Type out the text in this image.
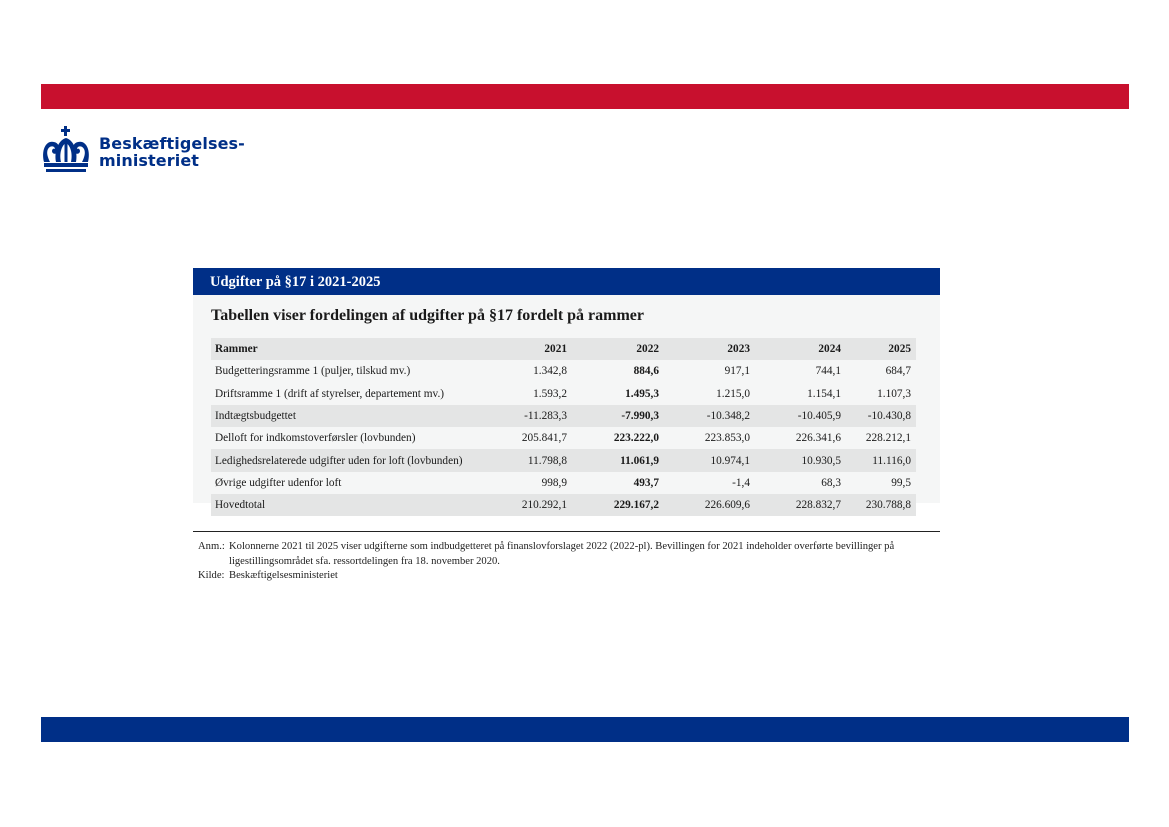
Beskæftigelses-
ministeriet
Udgifter på §17 i 2021-2025
Tabellen viser fordelingen af udgifter på §17 fordelt på rammer
Rammer	2021	2022	2023	2024	2025
Budgetteringsramme 1 (puljer, tilskud mv.)	1.342,8	884,6	917,1	744,1	684,7
Driftsramme 1 (drift af styrelser, departement mv.)	1.593,2	1.495,3	1.215,0	1.154,1	1.107,3
Indtægtsbudgettet	-11.283,3	-7.990,3	-10.348,2	-10.405,9	-10.430,8
Delloft for indkomstoverførsler (lovbunden)	205.841,7	223.222,0	223.853,0	226.341,6	228.212,1
Ledighedsrelaterede udgifter uden for loft (lovbunden)	11.798,8	11.061,9	10.974,1	10.930,5	11.116,0
Øvrige udgifter udenfor loft	998,9	493,7	-1,4	68,3	99,5
Hovedtotal	210.292,1	229.167,2	226.609,6	228.832,7	230.788,8
Anm.: Kolonnerne 2021 til 2025 viser udgifterne som indbudgetteret på finanslovforslaget 2022 (2022-pl). Bevillingen for 2021 indeholder overførte bevillinger på ligestillingsområdet sfa. ressortdelingen fra 18. november 2020.
Kilde: Beskæftigelsesministeriet
